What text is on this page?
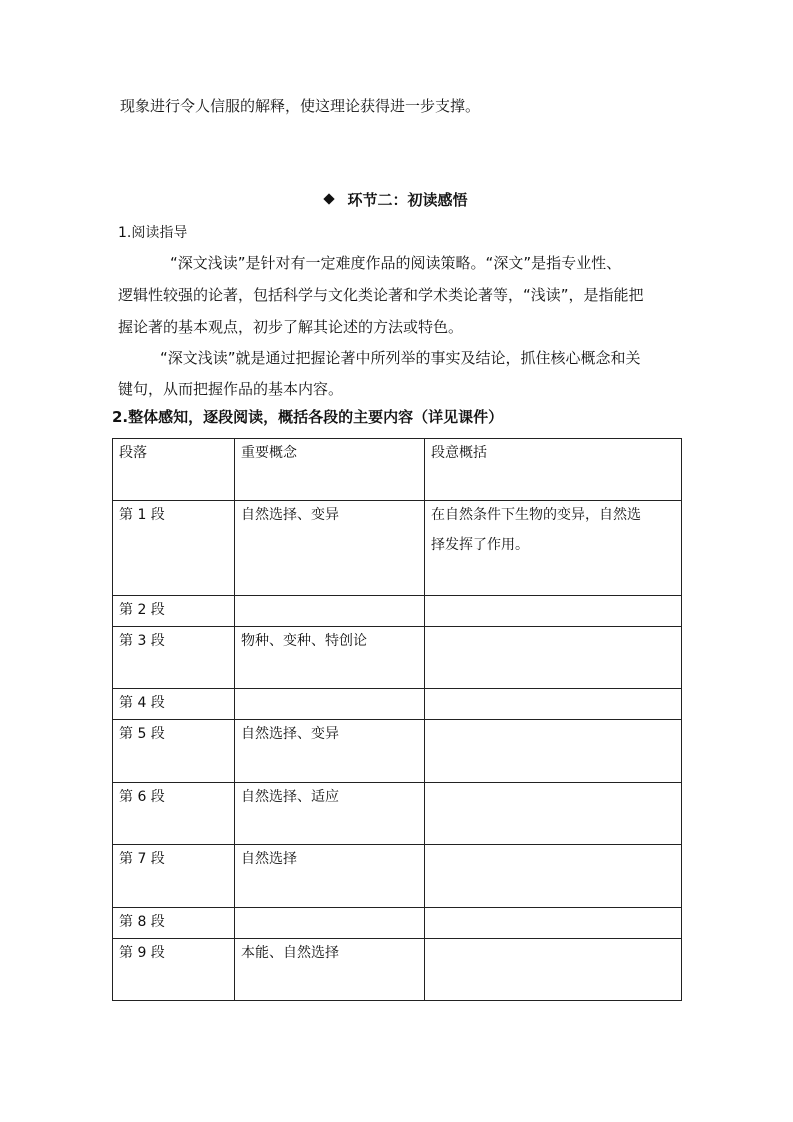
现象进行令人信服的解释，使这理论获得进一步支撑。
环节二：初读感悟
1.阅读指导
“深文浅读”是针对有一定难度作品的阅读策略。“深文”是指专业性、
逻辑性较强的论著，包括科学与文化类论著和学术类论著等，“浅读”，是指能把
握论著的基本观点，初步了解其论述的方法或特色。
“深文浅读”就是通过把握论著中所列举的事实及结论，抓住核心概念和关
键句，从而把握作品的基本内容。
2.整体感知，逐段阅读，概括各段的主要内容（详见课件）
段落	重要概念	段意概括

第 1 段	自然选择、变异	在自然条件下生物的变异，自然选
择发挥了作用。

第 2 段		

第 3 段	物种、变种、特创论	

第 4 段		

第 5 段	自然选择、变异	

第 6 段	自然选择、适应	

第 7 段	自然选择	

第 8 段		

第 9 段	本能、自然选择	
